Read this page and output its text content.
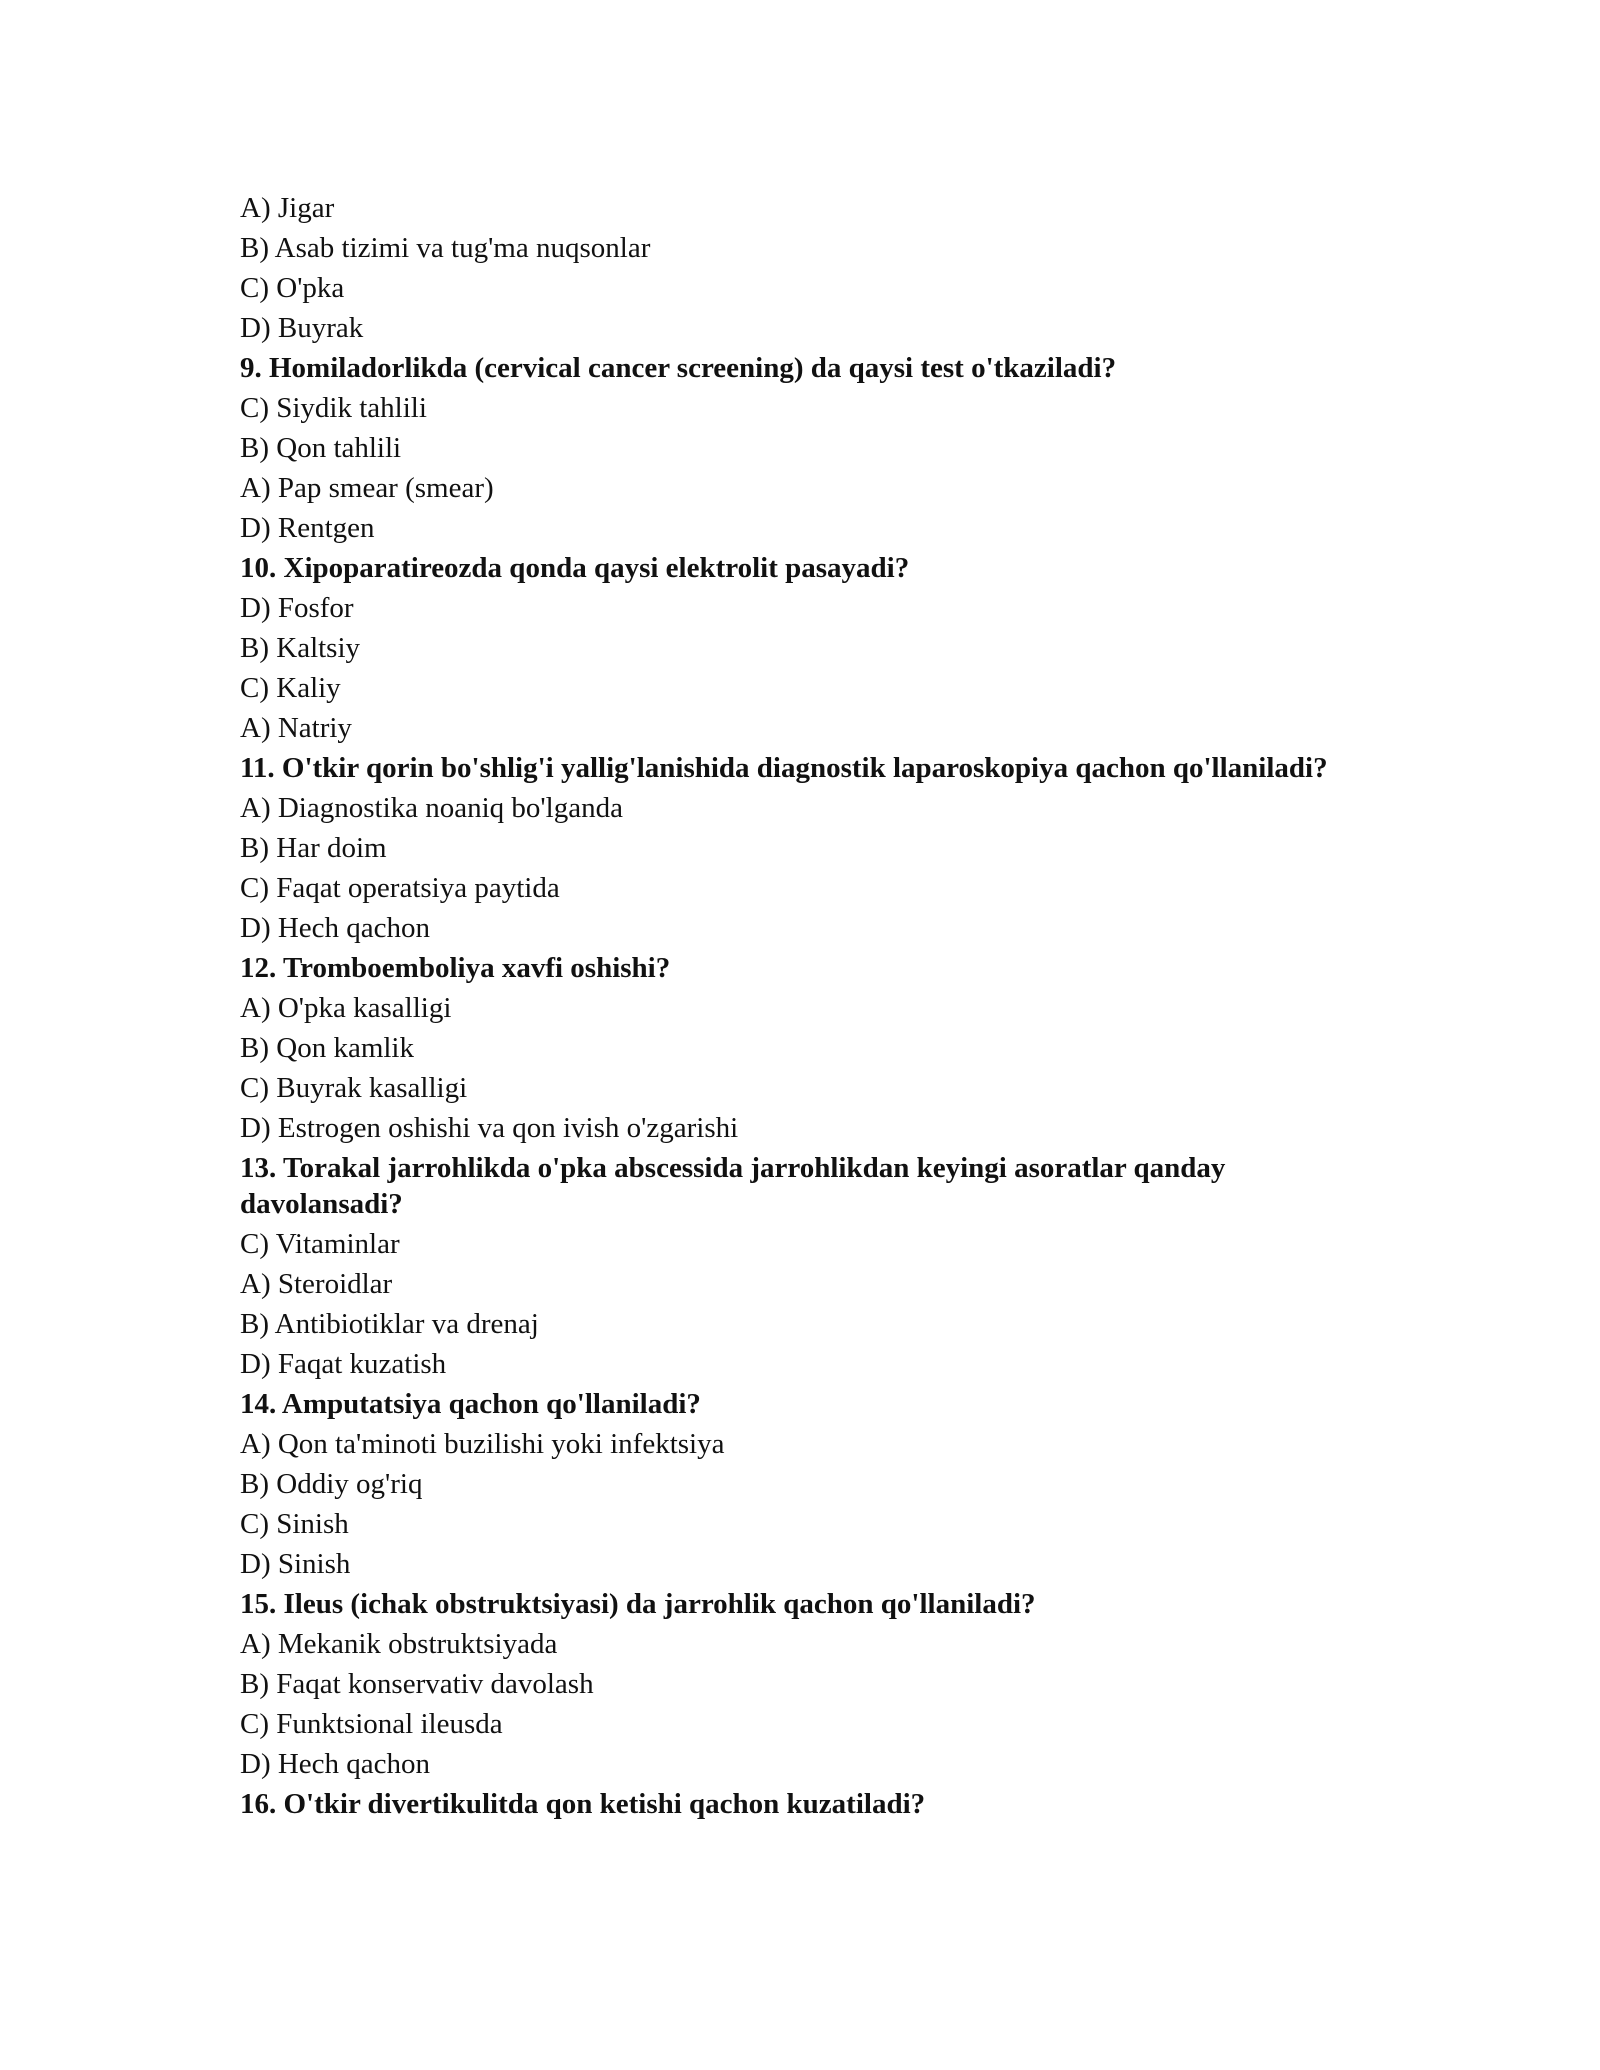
A) Jigar
B) Asab tizimi va tug'ma nuqsonlar
C) O'pka
D) Buyrak
9. Homiladorlikda (cervical cancer screening) da qaysi test o'tkaziladi?
C) Siydik tahlili
B) Qon tahlili
A) Pap smear (smear)
D) Rentgen
10. Xipoparatireozda qonda qaysi elektrolit pasayadi?
D) Fosfor
B) Kaltsiy
C) Kaliy
A) Natriy
11. O'tkir qorin bo'shlig'i yallig'lanishida diagnostik laparoskopiya qachon qo'llaniladi?
A) Diagnostika noaniq bo'lganda
B) Har doim
C) Faqat operatsiya paytida
D) Hech qachon
12. Tromboemboliya xavfi oshishi?
A) O'pka kasalligi
B) Qon kamlik
C) Buyrak kasalligi
D) Estrogen oshishi va qon ivish o'zgarishi
13. Torakal jarrohlikda o'pka abscessida jarrohlikdan keyingi asoratlar qanday davolansadi?
C) Vitaminlar
A) Steroidlar
B) Antibiotiklar va drenaj
D) Faqat kuzatish
14. Amputatsiya qachon qo'llaniladi?
A) Qon ta'minoti buzilishi yoki infektsiya
B) Oddiy og'riq
C) Sinish
D) Sinish
15. Ileus (ichak obstruktsiyasi) da jarrohlik qachon qo'llaniladi?
A) Mekanik obstruktsiyada
B) Faqat konservativ davolash
C) Funktsional ileusda
D) Hech qachon
16. O'tkir divertikulitda qon ketishi qachon kuzatiladi?
